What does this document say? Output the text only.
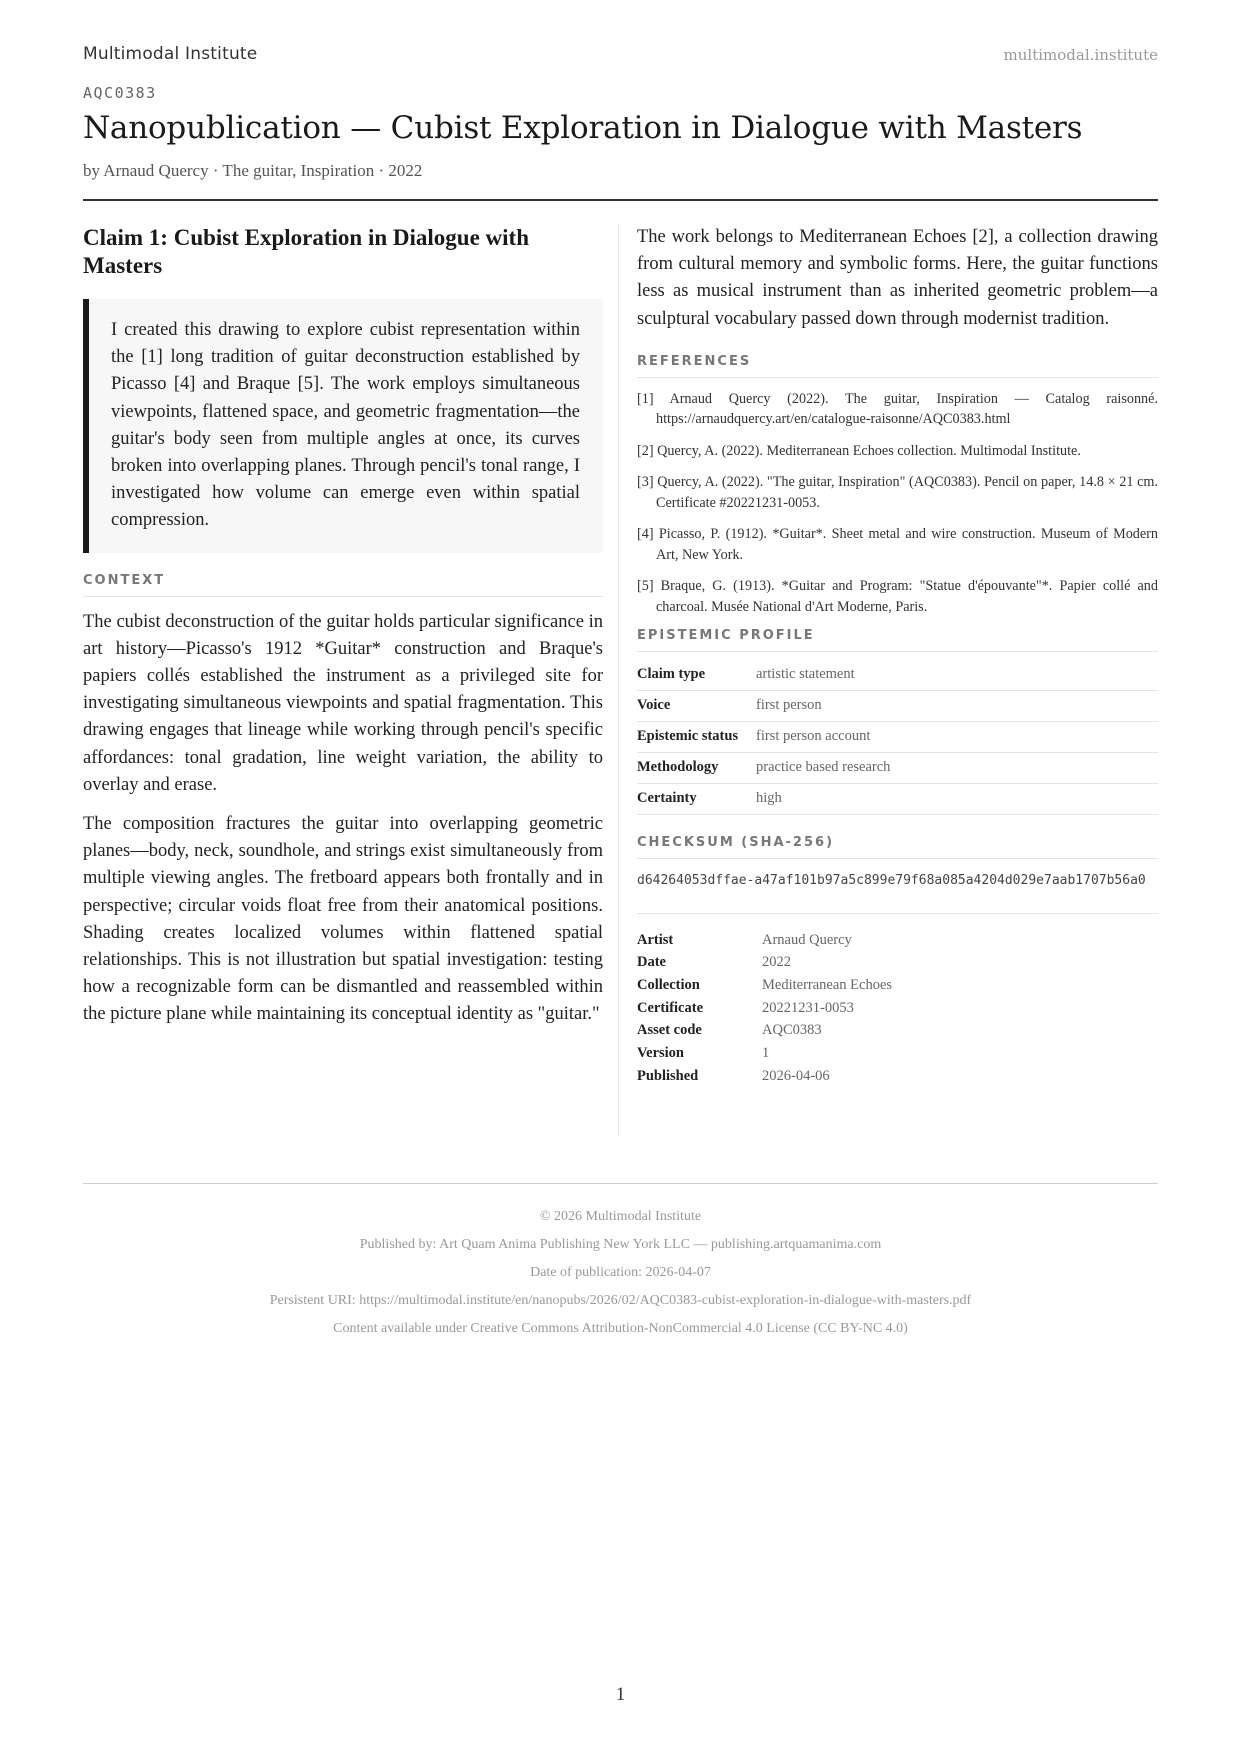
Multimodal Institute	multimodal.institute
AQC0383
Nanopublication — Cubist Exploration in Dialogue with Masters
by Arnaud Quercy · The guitar, Inspiration · 2022
Claim 1: Cubist Exploration in Dialogue with Masters
I created this drawing to explore cubist representation within the [1] long tradition of guitar deconstruction established by Picasso [4] and Braque [5]. The work employs simultaneous viewpoints, flattened space, and geometric fragmentation—the guitar's body seen from multiple angles at once, its curves broken into overlapping planes. Through pencil's tonal range, I investigated how volume can emerge even within spatial compression.
CONTEXT

The cubist deconstruction of the guitar holds particular significance in art history—Picasso's 1912 *Guitar* construction and Braque's papiers collés established the instrument as a privileged site for investigating simultaneous viewpoints and spatial fragmentation. This drawing engages that lineage while working through pencil's specific affordances: tonal gradation, line weight variation, the ability to overlay and erase.

The composition fractures the guitar into overlapping geometric planes—body, neck, soundhole, and strings exist simultaneously from multiple viewing angles. The fretboard appears both frontally and in perspective; circular voids float free from their anatomical positions. Shading creates localized volumes within flattened spatial relationships. This is not illustration but spatial investigation: testing how a recognizable form can be dismantled and reassembled within the picture plane while maintaining its conceptual identity as "guitar."

The work belongs to Mediterranean Echoes [2], a collection drawing from cultural memory and symbolic forms. Here, the guitar functions less as musical instrument than as inherited geometric problem—a sculptural vocabulary passed down through modernist tradition.

REFERENCES
[1] Arnaud Quercy (2022). The guitar, Inspiration — Catalog raisonné. https://arnaudquercy.art/en/catalogue-raisonne/AQC0383.html
[2] Quercy, A. (2022). Mediterranean Echoes collection. Multimodal Institute.
[3] Quercy, A. (2022). "The guitar, Inspiration" (AQC0383). Pencil on paper, 14.8 × 21 cm. Certificate #20221231-0053.
[4] Picasso, P. (1912). *Guitar*. Sheet metal and wire construction. Museum of Modern Art, New York.
[5] Braque, G. (1913). *Guitar and Program: "Statue d'épouvante"*. Papier collé and charcoal. Musée National d'Art Moderne, Paris.
EPISTEMIC PROFILE
Claim type	artistic statement
Voice	first person
Epistemic status	first person account
Methodology	practice based research
Certainty	high
CHECKSUM (SHA-256)
d64264053dffae-a47af101b97a5c899e79f68a085a4204d029e7aab1707b56a0
Artist	Arnaud Quercy
Date	2022
Collection	Mediterranean Echoes
Certificate	20221231-0053
Asset code	AQC0383
Version	1
Published	2026-04-06
© 2026 Multimodal Institute
Published by: Art Quam Anima Publishing New York LLC — publishing.artquamanima.com
Date of publication: 2026-04-07
Persistent URI: https://multimodal.institute/en/nanopubs/2026/02/AQC0383-cubist-exploration-in-dialogue-with-masters.pdf
Content available under Creative Commons Attribution-NonCommercial 4.0 License (CC BY-NC 4.0)
1
